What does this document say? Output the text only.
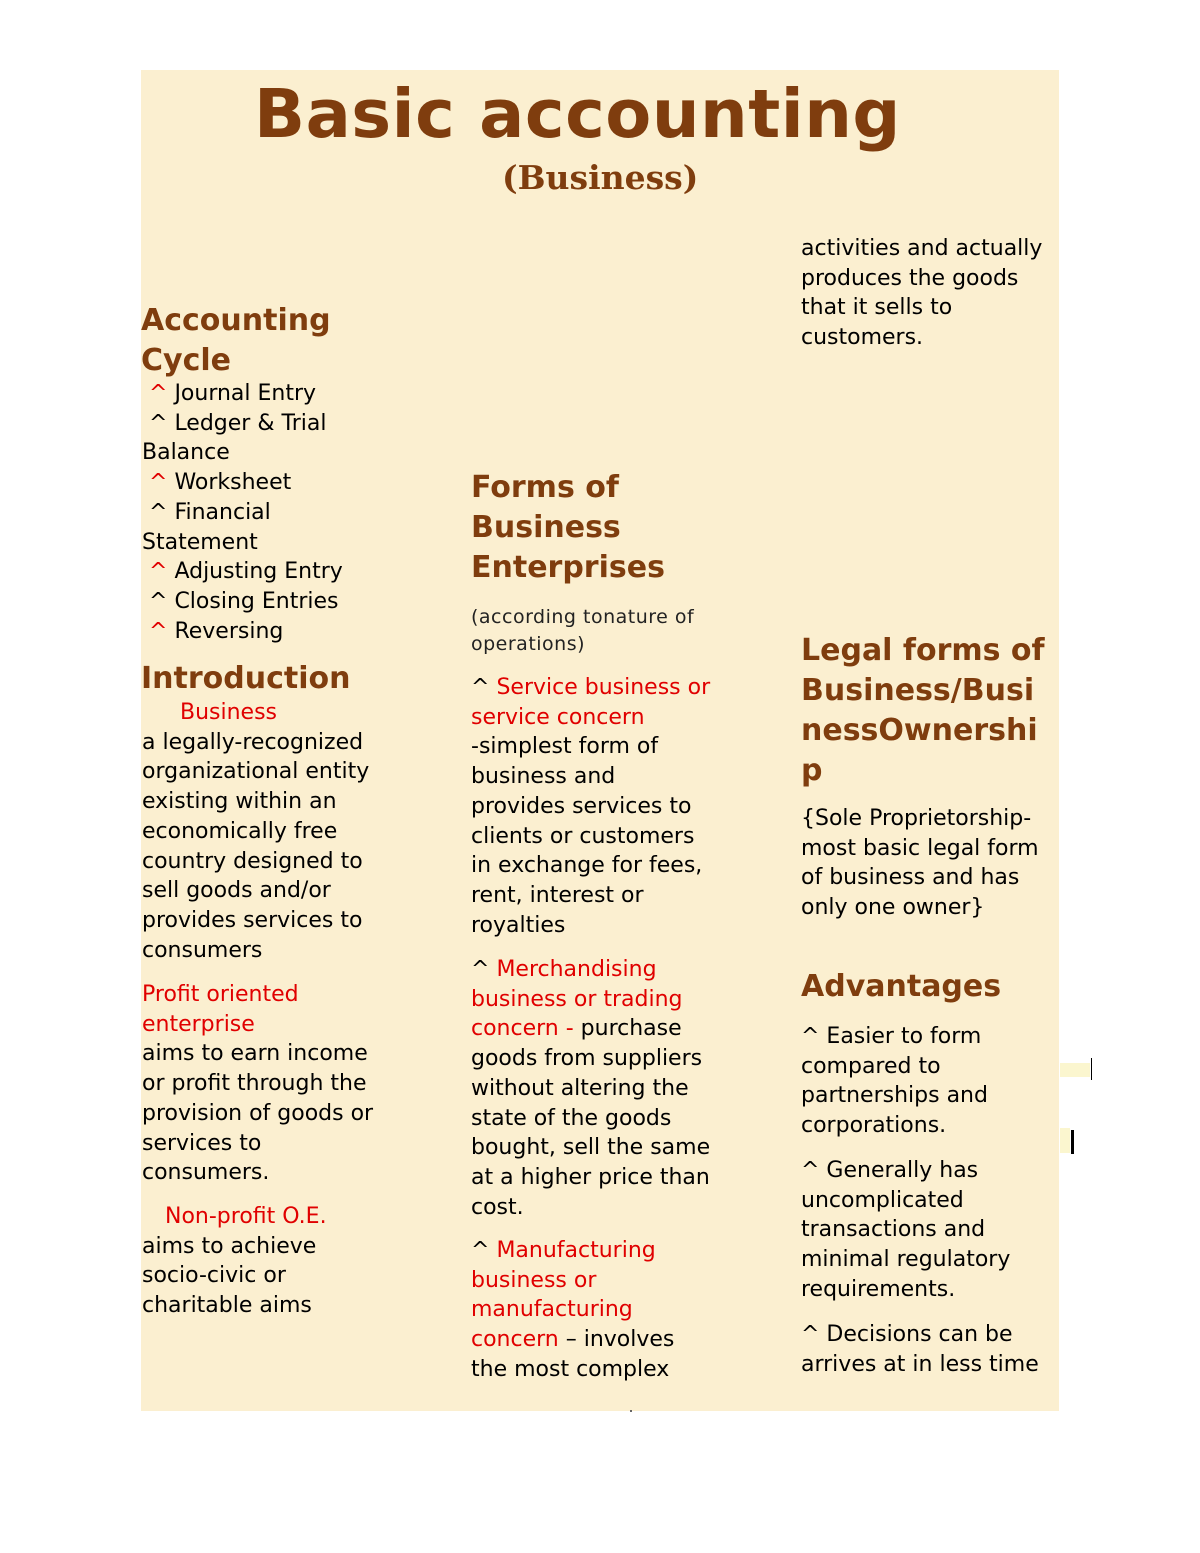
Basic accounting
(Business)
Accounting
Cycle
^ Journal Entry
^ Ledger & Trial
Balance
^ Worksheet
^ Financial
Statement
^ Adjusting Entry
^ Closing Entries
^ Reversing
Introduction
Business
a legally-recognized
organizational entity
existing within an
economically free
country designed to
sell goods and/or
provides services to
consumers
Profit oriented
enterprise
aims to earn income
or profit through the
provision of goods or
services to
consumers.
Non-profit O.E.
aims to achieve
socio-civic or
charitable aims
Forms of
Business
Enterprises
(according tonature of
operations)
^ Service business or
service concern
-simplest form of
business and
provides services to
clients or customers
in exchange for fees,
rent, interest or
royalties
^ Merchandising
business or trading
concern - purchase
goods from suppliers
without altering the
state of the goods
bought, sell the same
at a higher price than
cost.
^ Manufacturing
business or
manufacturing
concern – involves
the most complex
activities and actually
produces the goods
that it sells to
customers.
Legal forms of
Business/Busi
nessOwnershi
p
{Sole Proprietorship-
most basic legal form
of business and has
only one owner}
Advantages
^ Easier to form
compared to
partnerships and
corporations.
^ Generally has
uncomplicated
transactions and
minimal regulatory
requirements.
^ Decisions can be
arrives at in less time
